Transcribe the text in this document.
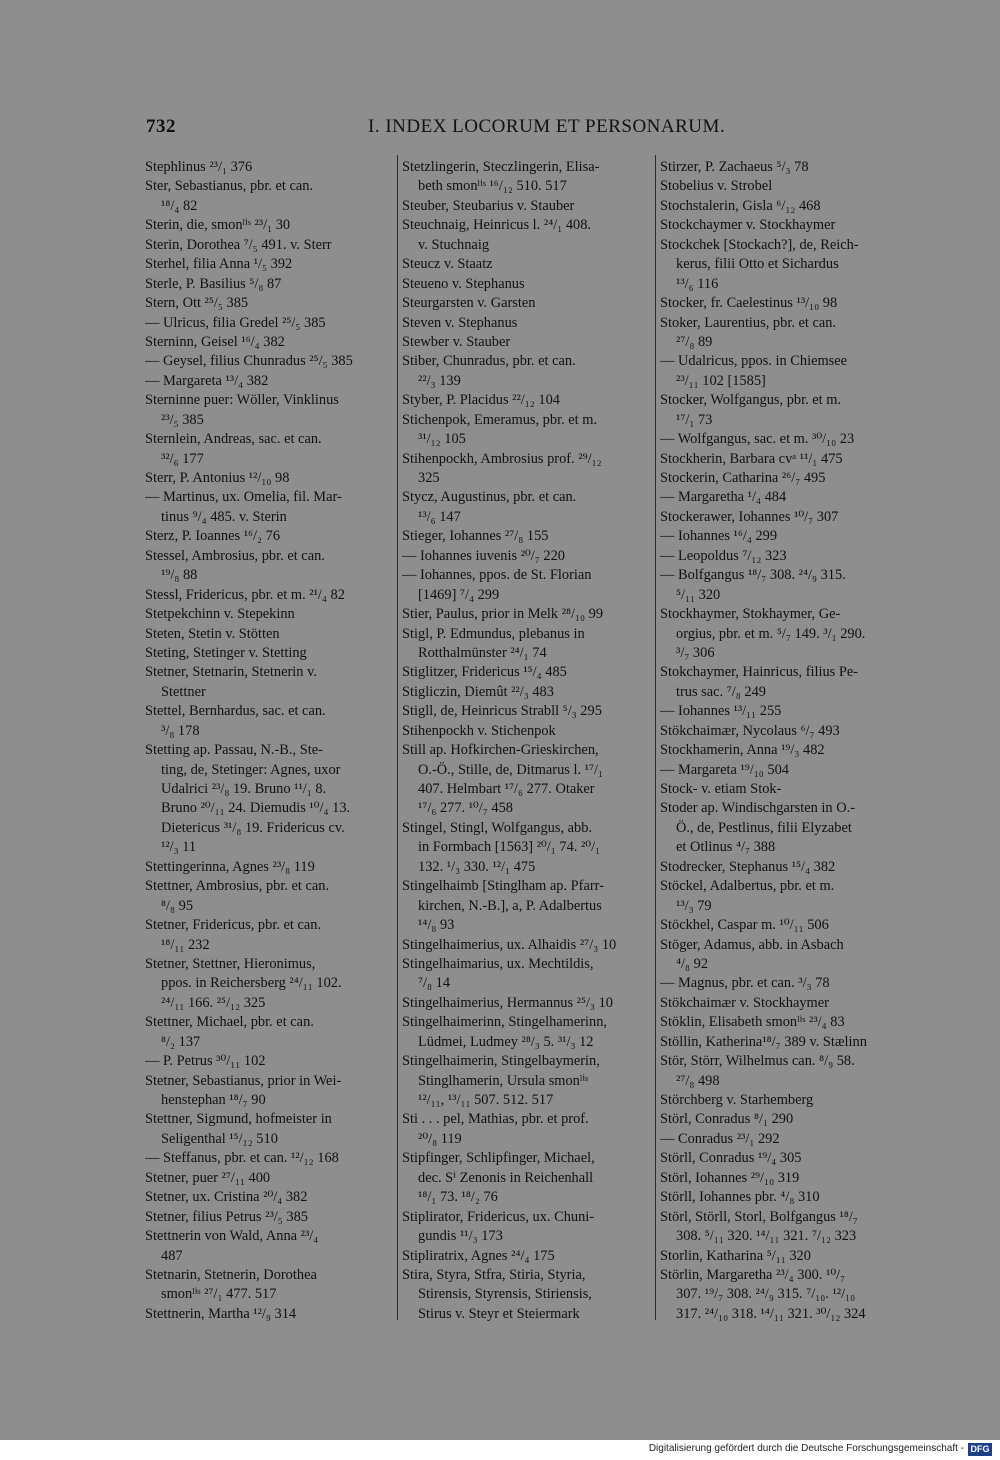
732	I. INDEX LOCORUM ET PERSONARUM.
Stephlinus ²³/₁ 376
Ster, Sebastianus, pbr. et can.
¹⁸/₄ 82
Sterin, die, smonˡⁱˢ ²³/₁ 30
Sterin, Dorothea ⁷/₅ 491. v. Sterr
Sterhel, filia Anna ¹/₅ 392
Sterle, P. Basilius ⁵/₈ 87
Stern, Ott ²⁵/₅ 385
— Ulricus, filia Gredel ²⁵/₅ 385
Sterninn, Geisel ¹⁶/₄ 382
— Geysel, filius Chunradus ²⁵/₅ 385
— Margareta ¹³/₄ 382
Sterninne puer: Wöller, Vinklinus
²³/₅ 385
Sternlein, Andreas, sac. et can.
³²/₆ 177
Sterr, P. Antonius ¹²/₁₀ 98
— Martinus, ux. Omelia, fil. Mar-
tinus ⁹/₄ 485. v. Sterin
Sterz, P. Ioannes ¹⁶/₂ 76
Stessel, Ambrosius, pbr. et can.
¹⁹/₈ 88
Stessl, Fridericus, pbr. et m. ²¹/₄ 82
Stetpekchinn v. Stepekinn
Steten, Stetin v. Stötten
Steting, Stetinger v. Stetting
Stetner, Stetnarin, Stetnerin v.
Stettner
Stettel, Bernhardus, sac. et can.
³/₈ 178
Stetting ap. Passau, N.-B., Ste-
ting, de, Stetinger: Agnes, uxor
Udalrici ²³/₈ 19. Bruno ¹¹/₁ 8.
Bruno ²⁰/₁₁ 24. Diemudis ¹⁰/₄ 13.
Dietericus ³¹/₈ 19. Fridericus cv.
¹²/₃ 11
Stettingerinna, Agnes ²³/₈ 119
Stettner, Ambrosius, pbr. et can.
⁸/₈ 95
Stetner, Fridericus, pbr. et can.
¹⁸/₁₁ 232
Stetner, Stettner, Hieronimus,
ppos. in Reichersberg ²⁴/₁₁ 102.
²⁴/₁₁ 166. ²⁵/₁₂ 325
Stettner, Michael, pbr. et can.
⁸/₂ 137
— P. Petrus ³⁰/₁₁ 102
Stetner, Sebastianus, prior in Wei-
henstephan ¹⁸/₇ 90
Stettner, Sigmund, hofmeister in
Seligenthal ¹⁵/₁₂ 510
— Steffanus, pbr. et can. ¹²/₁₂ 168
Stetner, puer ²⁷/₁₁ 400
Stetner, ux. Cristina ²⁰/₄ 382
Stetner, filius Petrus ²³/₅ 385
Stettnerin von Wald, Anna ²³/₄
487
Stetnarin, Stetnerin, Dorothea
smonˡⁱˢ ²⁷/₁ 477. 517
Stettnerin, Martha ¹²/₉ 314
Stetzlingerin, Steczlingerin, Elisa-
beth smonˡⁱˢ ¹⁶/₁₂ 510. 517
Steuber, Steubarius v. Stauber
Steuchnaig, Heinricus l. ²⁴/₁ 408.
v. Stuchnaig
Steucz v. Staatz
Steueno v. Stephanus
Steurgarsten v. Garsten
Steven v. Stephanus
Stewber v. Stauber
Stiber, Chunradus, pbr. et can.
²²/₃ 139
Styber, P. Placidus ²²/₁₂ 104
Stichenpok, Emeramus, pbr. et m.
³¹/₁₂ 105
Stihenpockh, Ambrosius prof. ²⁹/₁₂
325
Stycz, Augustinus, pbr. et can.
¹³/₆ 147
Stieger, Iohannes ²⁷/₈ 155
— Iohannes iuvenis ²⁰/₇ 220
— Iohannes, ppos. de St. Florian
[1469] ⁷/₄ 299
Stier, Paulus, prior in Melk ²⁸/₁₀ 99
Stigl, P. Edmundus, plebanus in
Rotthalmünster ²⁴/₁ 74
Stiglitzer, Fridericus ¹⁵/₄ 485
Stigliczin, Diemût ²²/₃ 483
Stigll, de, Heinricus Strabll ⁵/₃ 295
Stihenpockh v. Stichenpok
Still ap. Hofkirchen-Grieskirchen,
O.-Ö., Stille, de, Ditmarus l. ¹⁷/₁
407. Helmbart ¹⁷/₆ 277. Otaker
¹⁷/₆ 277. ¹⁰/₇ 458
Stingel, Stingl, Wolfgangus, abb.
in Formbach [1563] ²⁰/₁ 74. ²⁰/₁
132. ¹/₃ 330. ¹²/₁ 475
Stingelhaimb [Stinglham ap. Pfarr-
kirchen, N.-B.], a, P. Adalbertus
¹⁴/₈ 93
Stingelhaimerius, ux. Alhaidis ²⁷/₃ 10
Stingelhaimarius, ux. Mechtildis,
⁷/₈ 14
Stingelhaimerius, Hermannus ²⁵/₃ 10
Stingelhaimerinn, Stingelhamerinn,
Lüdmei, Ludmey ²⁸/₃ 5. ³¹/₃ 12
Stingelhaimerin, Stingelbaymerin,
Stinglhamerin, Ursula smonˡⁱˢ
¹²/₁₁, ¹³/₁₁ 507. 512. 517
Sti . . . pel, Mathias, pbr. et prof.
²⁰/₈ 119
Stipfinger, Schlipfinger, Michael,
dec. Sⁱ Zenonis in Reichenhall
¹⁸/₁ 73. ¹⁸/₂ 76
Stiplirator, Fridericus, ux. Chuni-
gundis ¹¹/₃ 173
Stipliratrix, Agnes ²⁴/₄ 175
Stira, Styra, Stfra, Stiria, Styria,
Stirensis, Styrensis, Stiriensis,
Stirus v. Steyr et Steiermark
Stirzer, P. Zachaeus ⁵/₃ 78
Stobelius v. Strobel
Stochstalerin, Gisla ⁶/₁₂ 468
Stockchaymer v. Stockhaymer
Stockchek [Stockach?], de, Reich-
kerus, filii Otto et Sichardus
¹³/₆ 116
Stocker, fr. Caelestinus ¹³/₁₀ 98
Stoker, Laurentius, pbr. et can.
²⁷/₈ 89
— Udalricus, ppos. in Chiemsee
²³/₁₁ 102 [1585]
Stocker, Wolfgangus, pbr. et m.
¹⁷/₁ 73
— Wolfgangus, sac. et m. ³⁰/₁₀ 23
Stockherin, Barbara cvᵃ ¹¹/₁ 475
Stockerin, Catharina ²⁶/₇ 495
— Margaretha ¹/₄ 484
Stockerawer, Iohannes ¹⁰/₇ 307
— Iohannes ¹⁶/₄ 299
— Leopoldus ⁷/₁₂ 323
— Bolfgangus ¹⁸/₇ 308. ²⁴/₉ 315.
⁵/₁₁ 320
Stockhaymer, Stokhaymer, Ge-
orgius, pbr. et m. ⁵/₇ 149. ³/₁ 290.
³/₇ 306
Stokchaymer, Hainricus, filius Pe-
trus sac. ⁷/₈ 249
— Iohannes ¹³/₁₁ 255
Stökchaimær, Nycolaus ⁶/₇ 493
Stockhamerin, Anna ¹⁹/₃ 482
— Margareta ¹⁹/₁₀ 504
Stock- v. etiam Stok-
Stoder ap. Windischgarsten in O.-
Ö., de, Pestlinus, filii Elyzabet
et Otlinus ⁴/₇ 388
Stodrecker, Stephanus ¹⁵/₄ 382
Stöckel, Adalbertus, pbr. et m.
¹³/₃ 79
Stöckhel, Caspar m. ¹⁰/₁₁ 506
Stöger, Adamus, abb. in Asbach
⁴/₈ 92
— Magnus, pbr. et can. ³/₃ 78
Stökchaimær v. Stockhaymer
Stöklin, Elisabeth smonˡⁱˢ ²³/₄ 83
Stöllin, Katherina¹⁸/₇ 389 v. Stælinn
Stör, Störr, Wilhelmus can. ⁸/₉ 58.
²⁷/₈ 498
Störchberg v. Starhemberg
Störl, Conradus ⁸/₁ 290
— Conradus ²³/₁ 292
Störll, Conradus ¹⁹/₄ 305
Störl, Iohannes ²⁹/₁₀ 319
Störll, Iohannes pbr. ⁴/₈ 310
Störl, Störll, Storl, Bolfgangus ¹⁸/₇
308. ⁵/₁₁ 320. ¹⁴/₁₁ 321. ⁷/₁₂ 323
Storlin, Katharina ⁵/₁₁ 320
Störlin, Margaretha ²³/₄ 300. ¹⁰/₇
307. ¹⁹/₇ 308. ²⁴/₉ 315. ⁷/₁₀. ¹²/₁₀
317. ²⁴/₁₀ 318. ¹⁴/₁₁ 321. ³⁰/₁₂ 324
Digitalisierung gefördert durch die Deutsche Forschungsgemeinschaft - DFG
